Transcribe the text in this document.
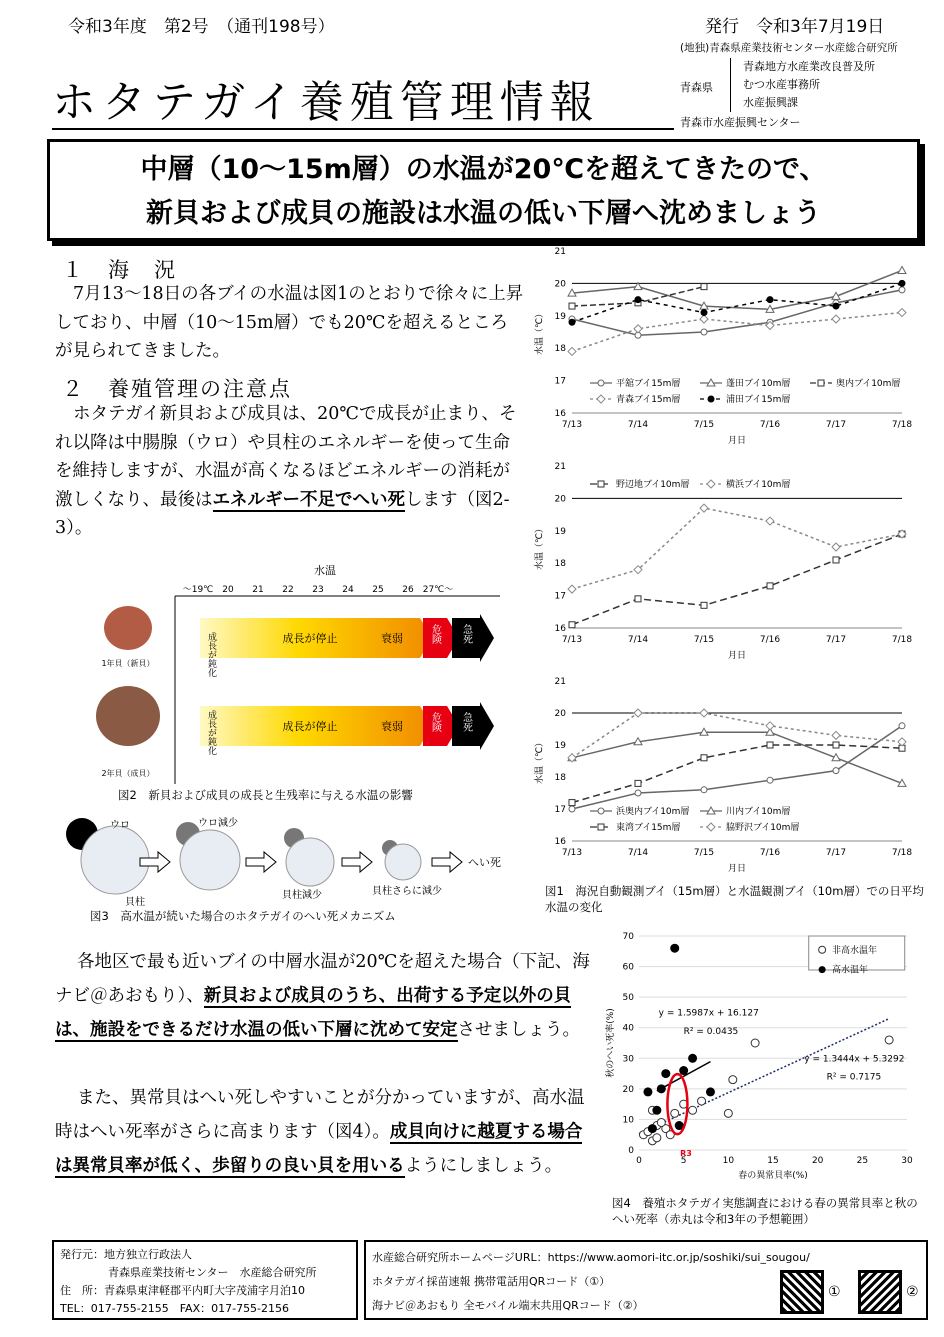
令和3年度　第2号　（通刊198号）	発行　令和3年7月19日
ホタテガイ養殖管理情報
(地独)青森県産業技術センター水産総合研究所
青森県
青森地方水産業改良普及所
むつ水産事務所
水産振興課
青森市水産振興センター
中層（10〜15m層）の水温が20℃を超えてきたので、
新貝および成貝の施設は水温の低い下層へ沈めましょう
１　海　況
7月13〜18日の各ブイの水温は図1のとおりで徐々に上昇しており、中層（10〜15m層）でも20℃を超えるところが見られてきました。
２　養殖管理の注意点
ホタテガイ新貝および成貝は、20℃で成長が止まり、それ以降は中腸腺（ウロ）や貝柱のエネルギーを使って生命を維持しますが、水温が高くなるほどエネルギーの消耗が激しくなり、最後はエネルギー不足でへい死します（図2-3）。
水温
〜19℃ 20 21 22 23 24 25 26 27℃〜
1年貝（新貝）	成長が鈍化	成長が停止	衰弱	危険 急死
2年貝（成貝）
成長が鈍化	成長が停止	衰弱	危険 急死
図2　新貝および成貝の成長と生残率に与える水温の影響
ウロ
貝柱
ウロ減少
貝柱減少	貝柱さらに減少
へい死
図3　高水温が続いた場合のホタテガイのへい死メカニズム
16
17
18
19
20
21
7/13	7/14	7/15	7/16	7/17	7/18
月日
水温（℃）
平舘ブイ15m層	蓬田ブイ10m層	奥内ブイ10m層
青森ブイ15m層	浦田ブイ15m層
16
17
18
19
20
21
7/13	7/14	7/15	7/16	7/17	7/18
月日
水温（℃）
野辺地ブイ10m層	横浜ブイ10m層
16
17
18
19
20
21
7/13	7/14	7/15	7/16	7/17	7/18
月日
水温（℃）
浜奥内ブイ10m層	川内ブイ10m層
東湾ブイ15m層	脇野沢ブイ10m層
図1　海況自動観測ブイ（15m層）と水温観測ブイ（10m層）での日平均水温の変化
各地区で最も近いブイの中層水温が20℃を超えた場合（下記、海ナビ＠あおもり）、新貝および成貝のうち、出荷する予定以外の貝は、施設をできるだけ水温の低い下層に沈めて安定させましょう。
また、異常貝はへい死しやすいことが分かっていますが、高水温時はへい死率がさらに高まります（図4）。成貝向けに越夏する場合は異常貝率が低く、歩留りの良い貝を用いるようにしましょう。
0
10
20
30
40
50
60
70
0	5	10	15	20	25	30
春の異常貝率(%)
秋のへい死率(%)
R3
y = 1.5987x + 16.127
R² = 0.0435
y = 1.3444x + 5.3292
R² = 0.7175
非高水温年
高水温年
図4　養殖ホタテガイ実態調査における春の異常貝率と秋のへい死率（赤丸は令和3年の予想範囲）
発行元：地方独立行政法人
青森県産業技術センター　水産総合研究所
住　所：青森県東津軽郡平内町大字茂浦字月泊10
TEL：017-755-2155　FAX：017-755-2156
水産総合研究所ホームページURL：https://www.aomori-itc.or.jp/soshiki/sui_sougou/
ホタテガイ採苗速報 携帯電話用QRコード（①）
海ナビ＠あおもり 全モバイル端末共用QRコード（②）
①	②
